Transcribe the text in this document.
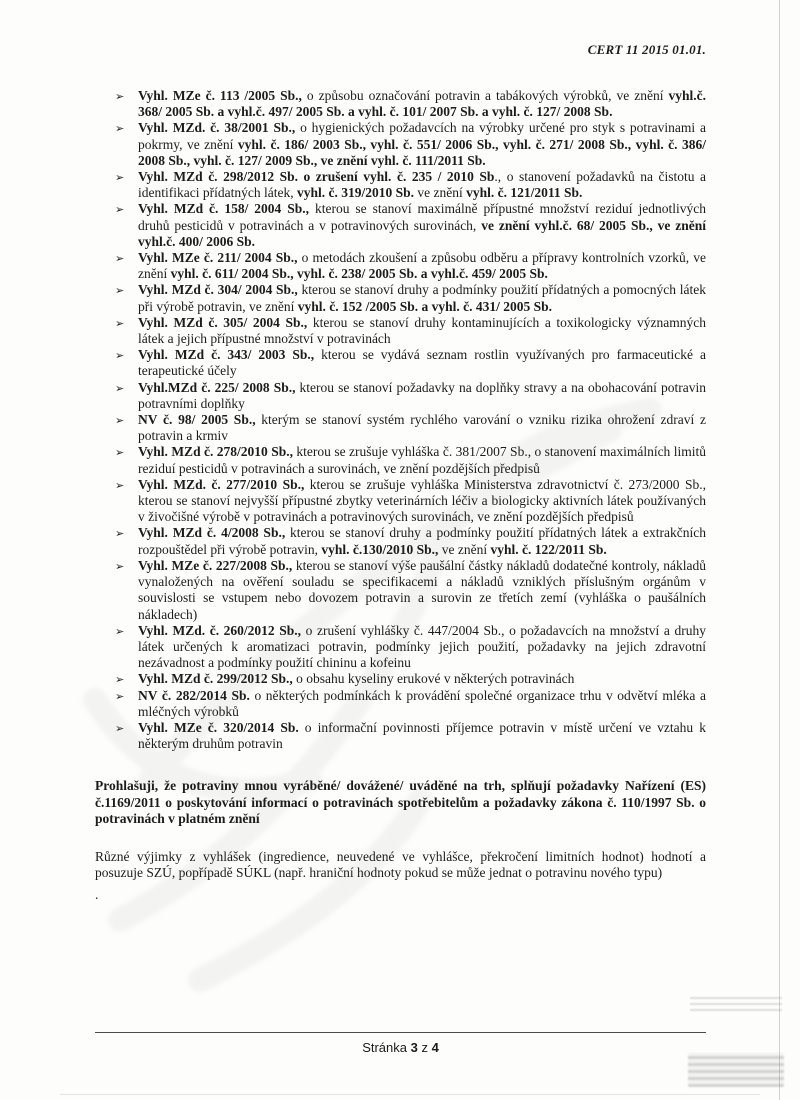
CERT 11 2015 01.01.
➢ Vyhl. MZe č. 113 /2005 Sb., o způsobu označování potravin a tabákových výrobků, ve znění vyhl.č. 368/ 2005 Sb. a vyhl.č. 497/ 2005 Sb. a vyhl. č. 101/ 2007 Sb. a vyhl. č. 127/ 2008 Sb.
➢ Vyhl. MZd. č. 38/2001 Sb., o hygienických požadavcích na výrobky určené pro styk s potravinami a pokrmy, ve znění vyhl. č. 186/ 2003 Sb., vyhl. č. 551/ 2006 Sb., vyhl. č. 271/ 2008 Sb., vyhl. č. 386/ 2008 Sb., vyhl. č. 127/ 2009 Sb., ve znění vyhl. č. 111/2011 Sb.
➢ Vyhl. MZd č. 298/2012 Sb. o zrušení vyhl. č. 235 / 2010 Sb., o stanovení požadavků na čistotu a identifikaci přídatných látek, vyhl. č. 319/2010 Sb. ve znění vyhl. č. 121/2011 Sb.
➢ Vyhl. MZd č. 158/ 2004 Sb., kterou se stanoví maximálně přípustné množství reziduí jednotlivých druhů pesticidů v potravinách a v potravinových surovinách, ve znění vyhl.č. 68/ 2005 Sb., ve znění vyhl.č. 400/ 2006 Sb.
➢ Vyhl. MZe č. 211/ 2004 Sb., o metodách zkoušení a způsobu odběru a přípravy kontrolních vzorků, ve znění vyhl. č. 611/ 2004 Sb., vyhl. č. 238/ 2005 Sb. a vyhl.č. 459/ 2005 Sb.
➢ Vyhl. MZd č. 304/ 2004 Sb., kterou se stanoví druhy a podmínky použití přídatných a pomocných látek při výrobě potravin, ve znění vyhl. č. 152 /2005 Sb. a vyhl. č. 431/ 2005 Sb.
➢ Vyhl. MZd č. 305/ 2004 Sb., kterou se stanoví druhy kontaminujících a toxikologicky významných látek a jejich přípustné množství v potravinách
➢ Vyhl. MZd č. 343/ 2003 Sb., kterou se vydává seznam rostlin využívaných pro farmaceutické a terapeutické účely
➢ Vyhl.MZd č. 225/ 2008 Sb., kterou se stanoví požadavky na doplňky stravy a na obohacování potravin potravními doplňky
➢ NV č. 98/ 2005 Sb., kterým se stanoví systém rychlého varování o vzniku rizika ohrožení zdraví z potravin a krmiv
➢ Vyhl. MZd č. 278/2010 Sb., kterou se zrušuje vyhláška č. 381/2007 Sb., o stanovení maximálních limitů reziduí pesticidů v potravinách a surovinách, ve znění pozdějších předpisů
➢ Vyhl. MZd. č. 277/2010 Sb., kterou se zrušuje vyhláška Ministerstva zdravotnictví č. 273/2000 Sb., kterou se stanoví nejvyšší přípustné zbytky veterinárních léčiv a biologicky aktivních látek používaných v živočišné výrobě v potravinách a potravinových surovinách, ve znění pozdějších předpisů
➢ Vyhl. MZd č. 4/2008 Sb., kterou se stanoví druhy a podmínky použití přídatných látek a extrakčních rozpouštědel při výrobě potravin, vyhl. č.130/2010 Sb., ve znění vyhl. č. 122/2011 Sb.
➢ Vyhl. MZe č. 227/2008 Sb., kterou se stanoví výše paušální částky nákladů dodatečné kontroly, nákladů vynaložených na ověření souladu se specifikacemi a nákladů vzniklých příslušným orgánům v souvislosti se vstupem nebo dovozem potravin a surovin ze třetích zemí (vyhláška o paušálních nákladech)
➢ Vyhl. MZd. č. 260/2012 Sb., o zrušení vyhlášky č. 447/2004 Sb., o požadavcích na množství a druhy látek určených k aromatizaci potravin, podmínky jejich použití, požadavky na jejich zdravotní nezávadnost a podmínky použití chininu a kofeinu
➢ Vyhl. MZd č. 299/2012 Sb., o obsahu kyseliny erukové v některých potravinách
➢ NV č. 282/2014 Sb. o některých podmínkách k provádění společné organizace trhu v odvětví mléka a mléčných výrobků
➢ Vyhl. MZe č. 320/2014 Sb. o informační povinnosti příjemce potravin v místě určení ve vztahu k některým druhům potravin

Prohlašuji, že potraviny mnou vyráběné/ dovážené/ uváděné na trh, splňují požadavky Nařízení (ES) č.1169/2011 o poskytování informací o potravinách spotřebitelům a požadavky zákona č. 110/1997 Sb. o potravinách v platném znění

Různé výjimky z vyhlášek (ingredience, neuvedené ve vyhlášce, překročení limitních hodnot) hodnotí a posuzuje SZÚ, popřípadě SÚKL (např. hraniční hodnoty pokud se může jednat o potravinu nového typu)

.

Stránka 3 z 4
